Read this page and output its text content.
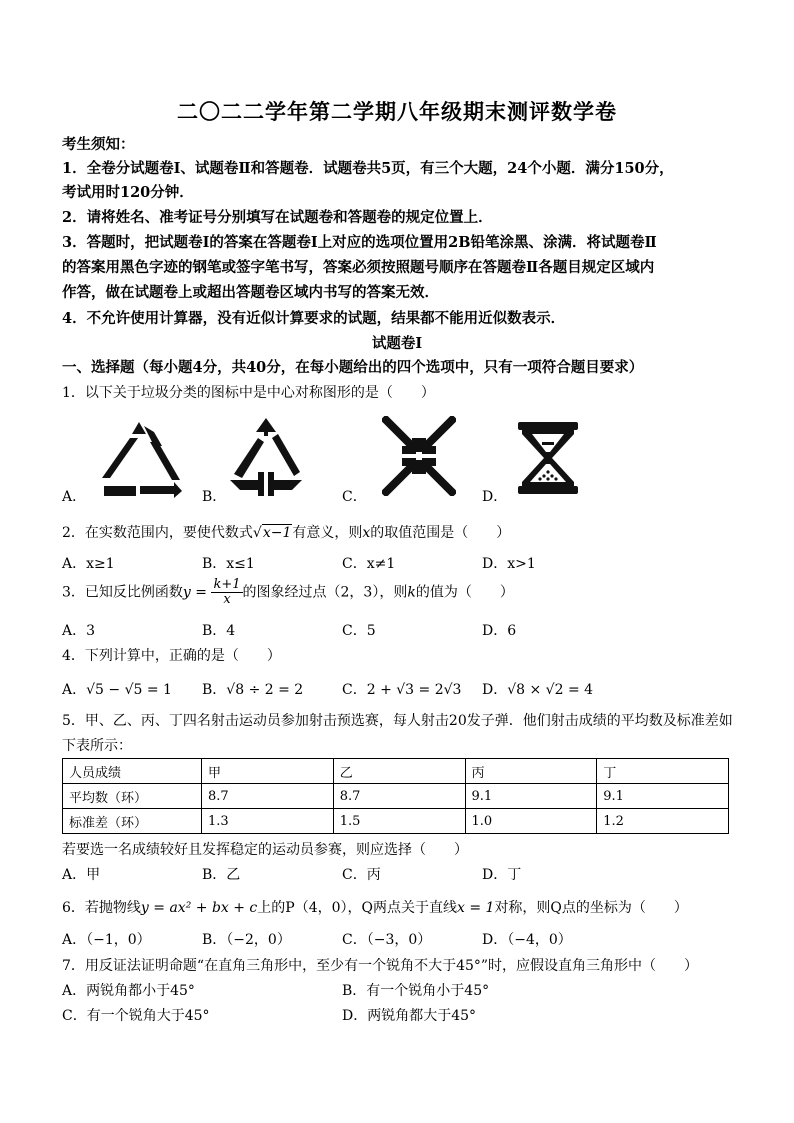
二〇二二学年第二学期八年级期末测评数学卷
考生须知：
1．全卷分试题卷Ⅰ、试题卷Ⅱ和答题卷．试题卷共5页，有三个大题，24个小题．满分150分，
考试用时120分钟．
2．请将姓名、准考证号分别填写在试题卷和答题卷的规定位置上．
3．答题时，把试题卷Ⅰ的答案在答题卷Ⅰ上对应的选项位置用2B铅笔涂黑、涂满．将试题卷Ⅱ
的答案用黑色字迹的钢笔或签字笔书写，答案必须按照题号顺序在答题卷Ⅱ各题目规定区域内
作答，做在试题卷上或超出答题卷区域内书写的答案无效．
4．不允许使用计算器，没有近似计算要求的试题，结果都不能用近似数表示．
试题卷Ⅰ
一、选择题（每小题4分，共40分，在每小题给出的四个选项中，只有一项符合题目要求）
1．以下关于垃圾分类的图标中是中心对称图形的是（　　）
A．	B．	C．	D．
2．在实数范围内，要使代数式√x−1有意义，则x的取值范围是（　　）
A．x≥1	B．x≤1	C．x≠1	D．x>1
3．已知反比例函数$y = \frac{k+1}{x}$ 的图象经过点（2，3），则k的值为（　　）
A．3	B．4	C．5	D．6
4．下列计算中，正确的是（　　）
A．√5 − √5 = 1 B．√8 ÷ 2 = 2	C．2 + √3 = 2√3 D．√8 × √2 = 4
5．甲、乙、丙、丁四名射击运动员参加射击预选赛，每人射击20发子弹．他们射击成绩的平均数及标准差如
下表所示：
人员成绩	甲	乙	丙	丁
平均数（环）	8.7	8.7	9.1	9.1
标准差（环）	1.3	1.5	1.0	1.2
若要选一名成绩较好且发挥稳定的运动员参赛，则应选择（　　）
A．甲	B．乙	C．丙	D．丁
6．若抛物线y = ax² + bx + c上的P（4，0），Q两点关于直线x = 1对称，则Q点的坐标为（　　）
A．（−1，0）	B．（−2，0）	C．（−3，0）	D．（−4，0）
7．用反证法证明命题“在直角三角形中，至少有一个锐角不大于45°”时，应假设直角三角形中（　　）
A．两锐角都小于45°	B．有一个锐角小于45°
C．有一个锐角大于45°	D．两锐角都大于45°
